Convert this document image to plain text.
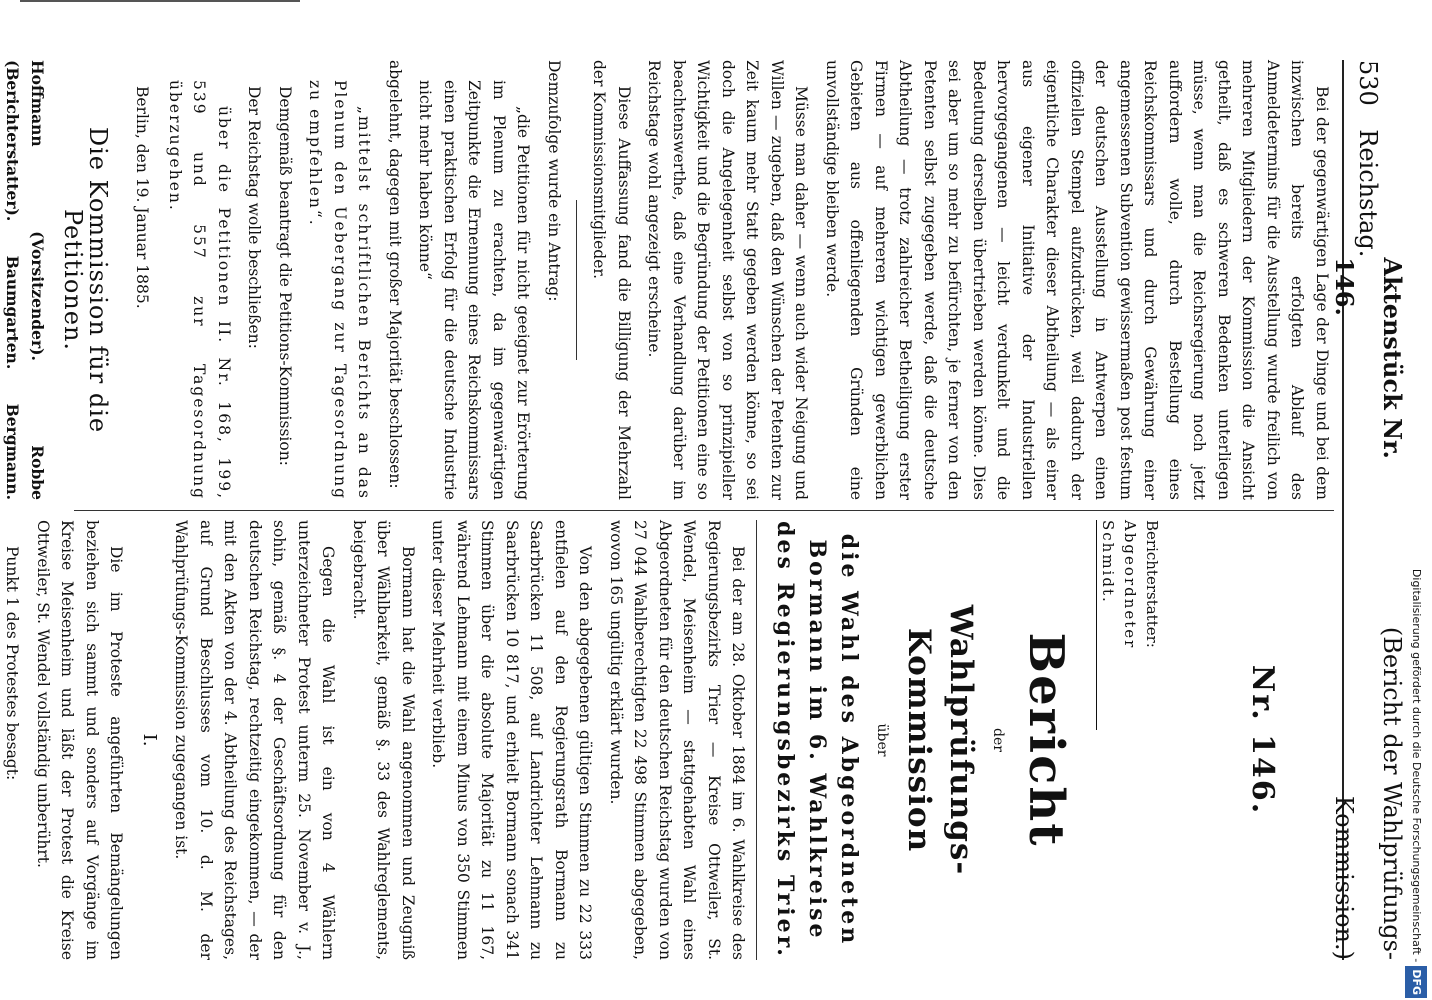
530
Reichstag.
Aktenstück Nr. 146.
(Bericht der Wahlprüfungs-Kommission.)

Bei der gegenwärtigen Lage der Dinge und bei dem inzwischen bereits erfolgten Ablauf des Anmeldetermins für die Ausstellung wurde freilich von mehreren Mitgliedern der Kommission die Ansicht getheilt, daß es schweren Bedenken unterliegen müsse, wenn man die Reichsregierung noch jetzt auffordern wolle, durch Bestellung eines Reichskommissars und durch Gewährung einer angemessenen Subvention gewissermaßen post festum der deutschen Ausstellung in Antwerpen einen offiziellen Stempel aufzudrücken, weil dadurch der eigentliche Charakter dieser Abtheilung — als einer aus eigener Initiative der Industriellen hervorgegangenen — leicht verdunkelt und die Bedeutung derselben übertrieben werden könne. Dies sei aber um so mehr zu befürchten, je ferner von den Petenten selbst zugegeben werde, daß die deutsche Abtheilung — trotz zahlreicher Betheiligung erster Firmen — auf mehreren wichtigen gewerblichen Gebieten aus offenliegenden Gründen eine unvollständige bleiben werde.

Müsse man daher — wenn auch wider Neigung und Willen — zugeben, daß den Wünschen der Petenten zur Zeit kaum mehr Statt gegeben werden könne, so sei doch die Angelegenheit selbst von so prinzipieller Wichtigkeit und die Begründung der Petitionen eine so beachtenswerthe, daß eine Verhandlung darüber im Reichstage wohl angezeigt erscheine.

Diese Auffassung fand die Billigung der Mehrzahl der Kommissionsmitglieder.

Demzufolge wurde ein Antrag:

„die Petitionen für nicht geeignet zur Erörterung im Plenum zu erachten, da im gegenwärtigen Zeitpunkte die Ernennung eines Reichskommissars einen praktischen Erfolg für die deutsche Industrie nicht mehr haben könne“

abgelehnt, dagegen mit großer Majorität beschlossen:

„mittelst schriftlichen Berichts an das Plenum den Uebergang zur Tagesordnung zu empfehlen“.

Demgemäß beantragt die Petitions-Kommission:

Der Reichstag wolle beschließen:

über die Petitionen II. Nr. 168, 199, 539 und 557 zur Tagesordnung überzugehen.

Berlin, den 19. Januar 1885.

Die Kommission für die Petitionen.

Hoffmann (Vorsitzender). Robbe (Berichterstatter). Baumgarten. Bergmann.

Nr. 146.
Berichterstatter:
Abgeordneter Schmidt.
Bericht
der
Wahlprüfungs-Kommission
über
die Wahl des Abgeordneten Bormann im 6. Wahlkreise des Regierungsbezirks Trier.

Bei der am 28. Oktober 1884 im 6. Wahlkreise des Regierungsbezirks Trier — Kreise Ottweiler, St. Wendel, Meisenheim — stattgehabten Wahl eines Abgeordneten für den deutschen Reichstag wurden von 27 044 Wahlberechtigten 22 498 Stimmen abgegeben, wovon 165 ungültig erklärt wurden.

Von den abgegebenen gültigen Stimmen zu 22 333 entfielen auf den Regierungsrath Bormann zu Saarbrücken 11 508, auf Landrichter Lehmann zu Saarbrücken 10 817, und erhielt Bormann sonach 341 Stimmen über die absolute Majorität zu 11 167, während Lehmann mit einem Minus von 350 Stimmen unter dieser Mehrheit verblieb.

Bormann hat die Wahl angenommen und Zeugniß über Wählbarkeit, gemäß §. 33 des Wahlreglements, beigebracht.

Gegen die Wahl ist ein von 4 Wählern unterzeichneter Protest unterm 25. November v. J., sohin, gemäß §. 4 der Geschäftsordnung für den deutschen Reichstag, rechtzeitig eingekommen, — der mit den Akten von der 4. Abtheilung des Reichstages, auf Grund Beschlusses vom 10. d. M. der Wahlprüfungs-Kommission zugegangen ist.

I.

Die im Proteste angeführten Bemängelungen beziehen sich sammt und sonders auf Vorgänge im Kreise Meisenheim und läßt der Protest die Kreise Ottweiler, St. Wendel vollständig unberührt.

Punkt 1 des Protestes besagt:	Digitalisierung gefördert durch die Deutsche Forschungsgemeinschaft -DFG
